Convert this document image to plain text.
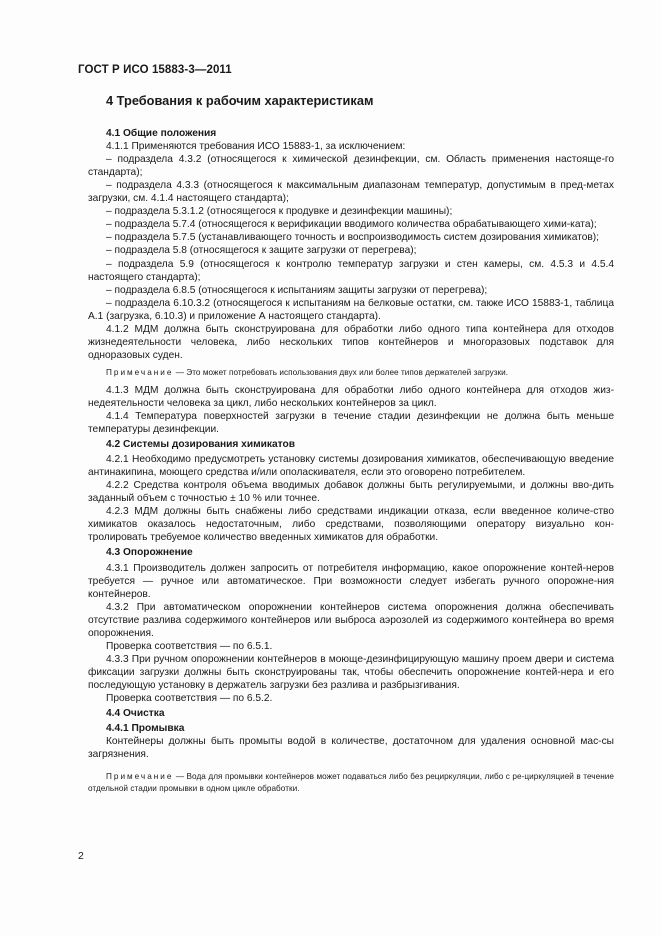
ГОСТ Р ИСО 15883-3—2011
4 Требования к рабочим характеристикам
4.1 Общие положения
4.1.1 Применяются требования ИСО 15883-1, за исключением:
– подраздела 4.3.2 (относящегося к химической дезинфекции, см. Область применения настояще-го стандарта);
– подраздела 4.3.3 (относящегося к максимальным диапазонам температур, допустимым в пред-метах загрузки, см. 4.1.4 настоящего стандарта);
– подраздела 5.3.1.2 (относящегося к продувке и дезинфекции машины);
– подраздела 5.7.4 (относящегося к верификации вводимого количества обрабатывающего хими-ката);
– подраздела 5.7.5 (устанавливающего точность и воспроизводимость систем дозирования химикатов);
– подраздела 5.8 (относящегося к защите загрузки от перегрева);
– подраздела 5.9 (относящегося к контролю температур загрузки и стен камеры, см. 4.5.3 и 4.5.4 настоящего стандарта);
– подраздела 6.8.5 (относящегося к испытаниям защиты загрузки от перегрева);
– подраздела 6.10.3.2 (относящегося к испытаниям на белковые остатки, см. также ИСО 15883-1, таблица А.1 (загрузка, 6.10.3) и приложение А настоящего стандарта).
4.1.2 МДМ должна быть сконструирована для обработки либо одного типа контейнера для отходов жизнедеятельности человека, либо нескольких типов контейнеров и многоразовых подставок для одноразовых суден.
Примечание — Это может потребовать использования двух или более типов держателей загрузки.
4.1.3 МДМ должна быть сконструирована для обработки либо одного контейнера для отходов жиз-недеятельности человека за цикл, либо нескольких контейнеров за цикл.
4.1.4 Температура поверхностей загрузки в течение стадии дезинфекции не должна быть меньше температуры дезинфекции.
4.2 Системы дозирования химикатов
4.2.1 Необходимо предусмотреть установку системы дозирования химикатов, обеспечивающую введение антинакипина, моющего средства и/или ополаскивателя, если это оговорено потребителем.
4.2.2 Средства контроля объема вводимых добавок должны быть регулируемыми, и должны вво-дить заданный объем с точностью ± 10 % или точнее.
4.2.3 МДМ должны быть снабжены либо средствами индикации отказа, если введенное количе-ство химикатов оказалось недостаточным, либо средствами, позволяющими оператору визуально кон-тролировать требуемое количество введенных химикатов для обработки.
4.3 Опорожнение
4.3.1 Производитель должен запросить от потребителя информацию, какое опорожнение контей-неров требуется — ручное или автоматическое. При возможности следует избегать ручного опорожне-ния контейнеров.
4.3.2 При автоматическом опорожнении контейнеров система опорожнения должна обеспечивать отсутствие разлива содержимого контейнеров или выброса аэрозолей из содержимого контейнера во время опорожнения.
Проверка соответствия — по 6.5.1.
4.3.3 При ручном опорожнении контейнеров в моюще-дезинфицирующую машину проем двери и система фиксации загрузки должны быть сконструированы так, чтобы обеспечить опорожнение контей-нера и его последующую установку в держатель загрузки без разлива и разбрызгивания.
Проверка соответствия — по 6.5.2.
4.4 Очистка
4.4.1 Промывка
Контейнеры должны быть промыты водой в количестве, достаточном для удаления основной мас-сы загрязнения.
Примечание — Вода для промывки контейнеров может подаваться либо без рециркуляции, либо с ре-циркуляцией в течение отдельной стадии промывки в одном цикле обработки.
2
